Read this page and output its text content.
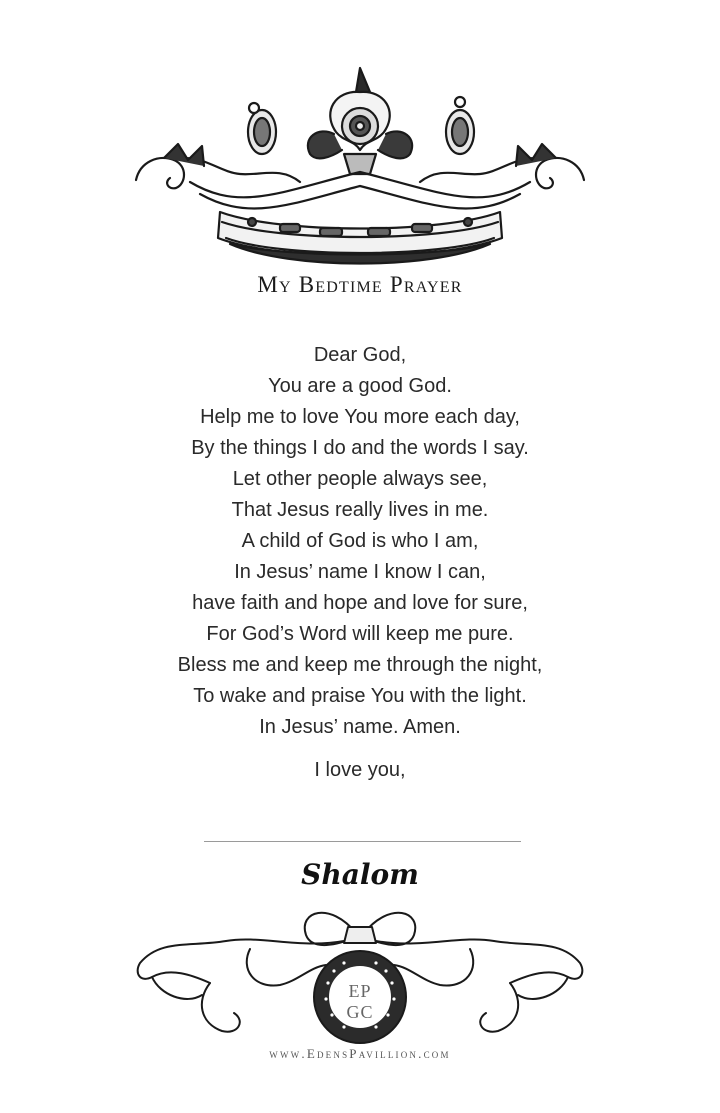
My Bedtime Prayer
Dear God,
You are a good God.
Help me to love You more each day,
By the things I do and the words I say.
Let other people always see,
That Jesus really lives in me.
A child of God is who I am,
In Jesus’ name I know I can,
have faith and hope and love for sure,
For God’s Word will keep me pure.
Bless me and keep me through the night,
To wake and praise You with the light.
In Jesus’ name. Amen.
I love you,
Shalom
EP
GC
www.EdensPavillion.com
